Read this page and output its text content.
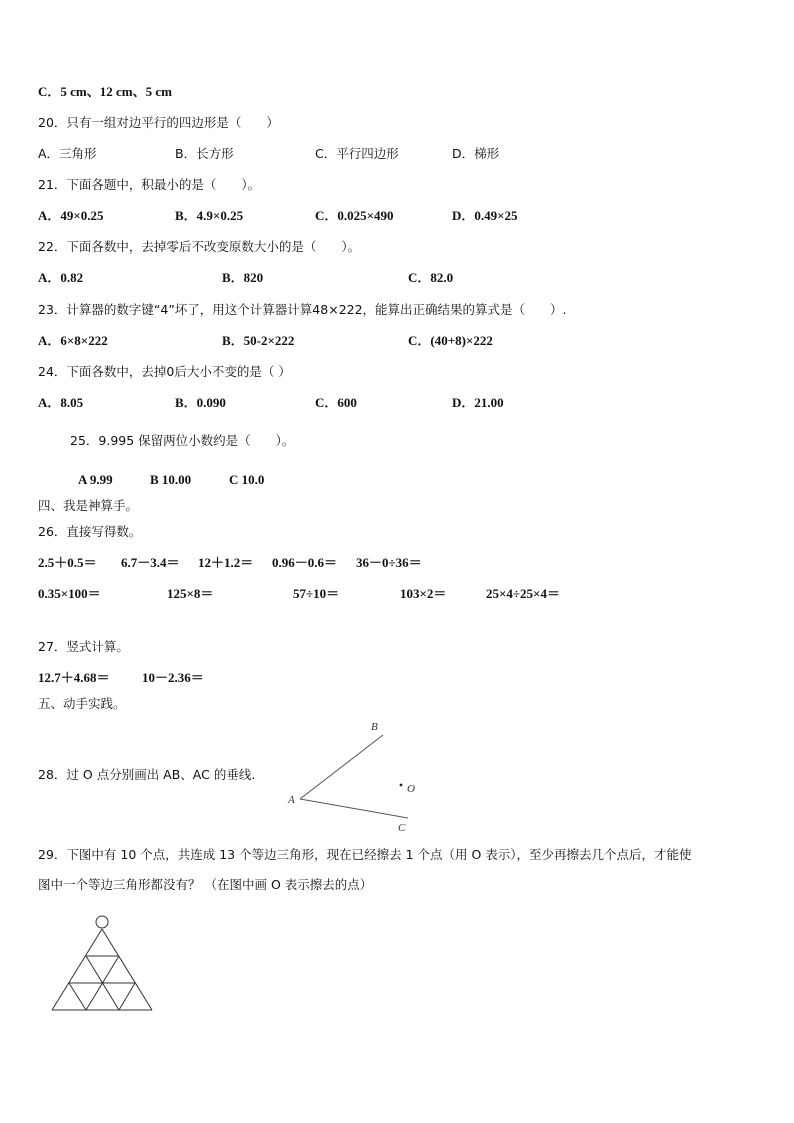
C．5 cm、12 cm、5 cm
20．只有一组对边平行的四边形是（　　）
A．三角形	B．长方形	C．平行四边形	D．梯形
21．下面各题中，积最小的是（　　）。
A．49×0.25	B．4.9×0.25	C．0.025×490	D．0.49×25
22．下面各数中，去掉零后不改变原数大小的是（　　）。
A．0.82	B．820	C．82.0
23．计算器的数字键“4”坏了，用这个计算器计算48×222，能算出正确结果的算式是（　　）.
A．6×8×222	B．50-2×222	C．(40+8)×222
24．下面各数中，去掉0后大小不变的是（ ）
A．8.05	B．0.090	C．600	D．21.00
25．9.995 保留两位小数约是（　　）。
A 9.99	B 10.00	C 10.0
四、我是神算手。
26．直接写得数。
2.5＋0.5＝ 6.7－3.4＝ 12＋1.2＝ 0.96－0.6＝ 36－0÷36＝
0.35×100＝	125×8＝	57÷10＝	103×2＝	25×4÷25×4＝
27．竖式计算。
12.7＋4.68＝ 10－2.36＝
五、动手实践。
28．过 O 点分别画出 AB、AC 的垂线.
A
B
C
O
29．下图中有 10 个点，共连成 13 个等边三角形，现在已经擦去 1 个点（用 O 表示），至少再擦去几个点后，才能使
图中一个等边三角形都没有？ （在图中画 O 表示擦去的点）
